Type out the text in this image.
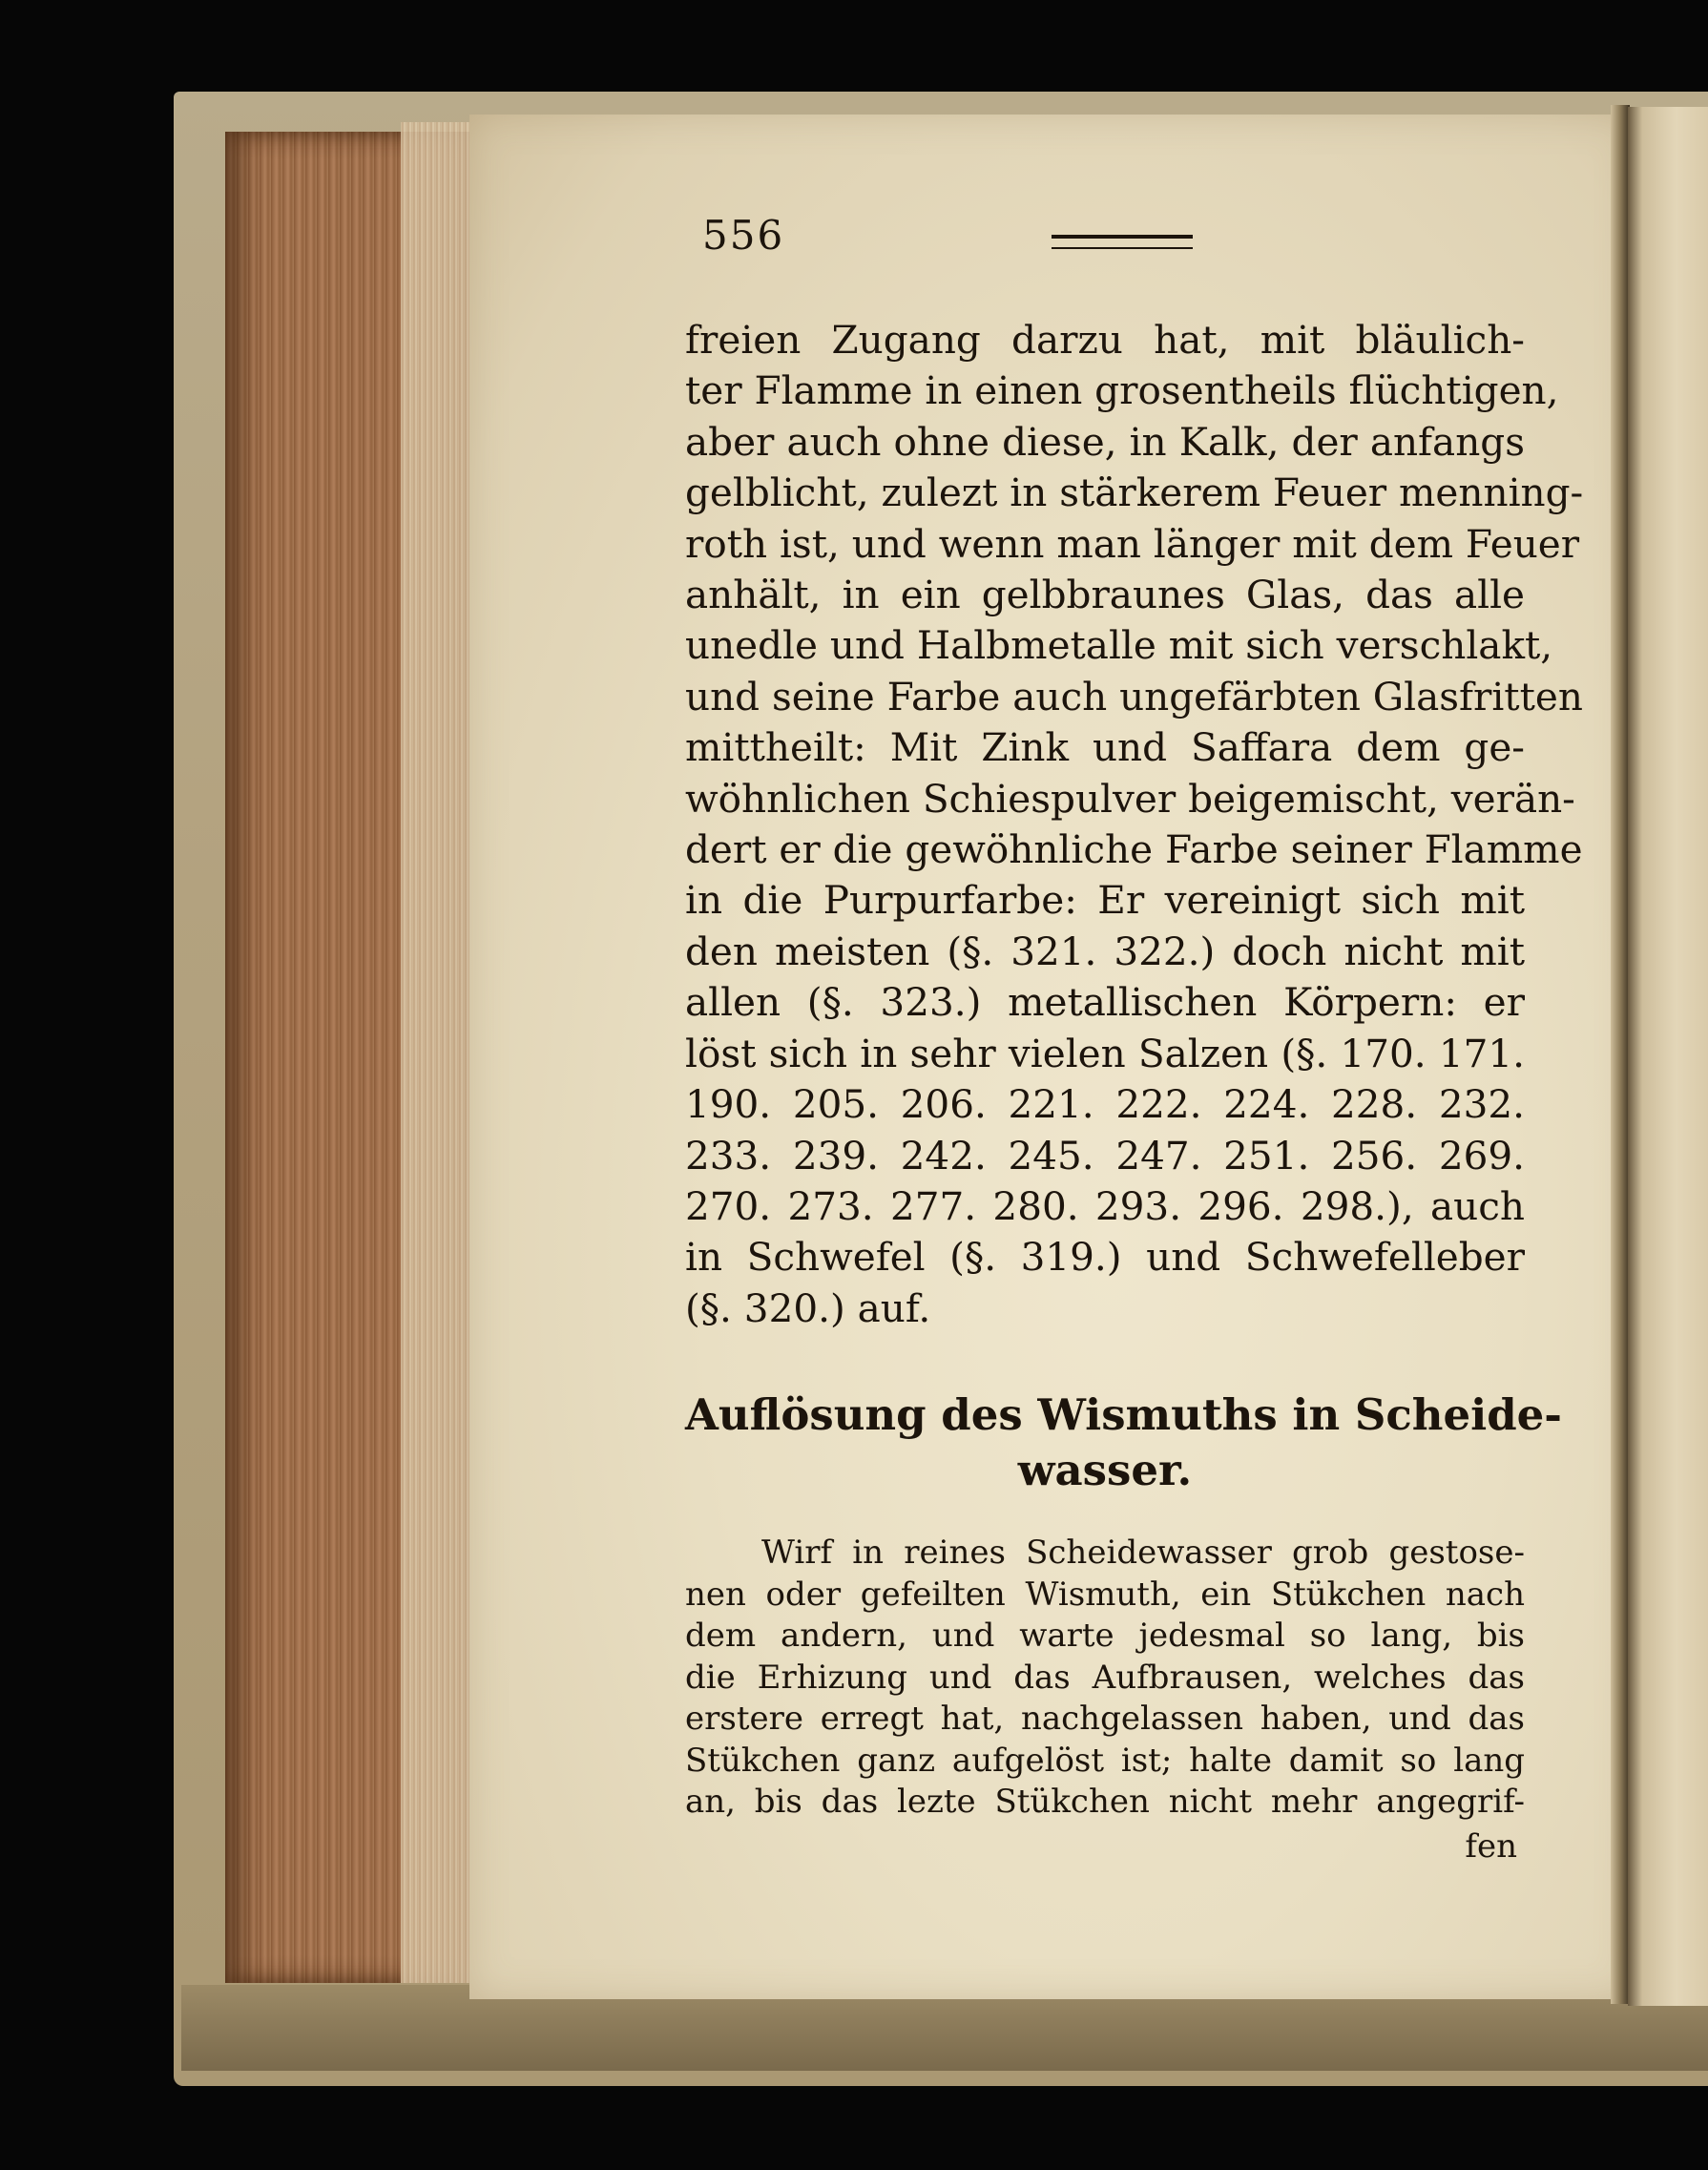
556
freien Zugang darzu hat, mit bläulich-
ter Flamme in einen grosentheils flüchtigen,
aber auch ohne diese, in Kalk, der anfangs
gelblicht, zulezt in stärkerem Feuer menning-
roth ist, und wenn man länger mit dem Feuer
anhält, in ein gelbbraunes Glas, das alle
unedle und Halbmetalle mit sich verschlakt,
und seine Farbe auch ungefärbten Glasfritten
mittheilt: Mit Zink und Saffara dem ge-
wöhnlichen Schiespulver beigemischt, verän-
dert er die gewöhnliche Farbe seiner Flamme
in die Purpurfarbe: Er vereinigt sich mit
den meisten (§. 321. 322.) doch nicht mit
allen (§. 323.) metallischen Körpern: er
löst sich in sehr vielen Salzen (§. 170. 171.
190. 205. 206. 221. 222. 224. 228. 232.
233. 239. 242. 245. 247. 251. 256. 269.
270. 273. 277. 280. 293. 296. 298.), auch
in Schwefel (§. 319.) und Schwefelleber
(§. 320.) auf.
Auflösung des Wismuths in Scheide-
wasser.
Wirf in reines Scheidewasser grob gestose-
nen oder gefeilten Wismuth, ein Stükchen nach
dem andern, und warte jedesmal so lang, bis
die Erhizung und das Aufbrausen, welches das
erstere erregt hat, nachgelassen haben, und das
Stükchen ganz aufgelöst ist; halte damit so lang
an, bis das lezte Stükchen nicht mehr angegrif-
fen
